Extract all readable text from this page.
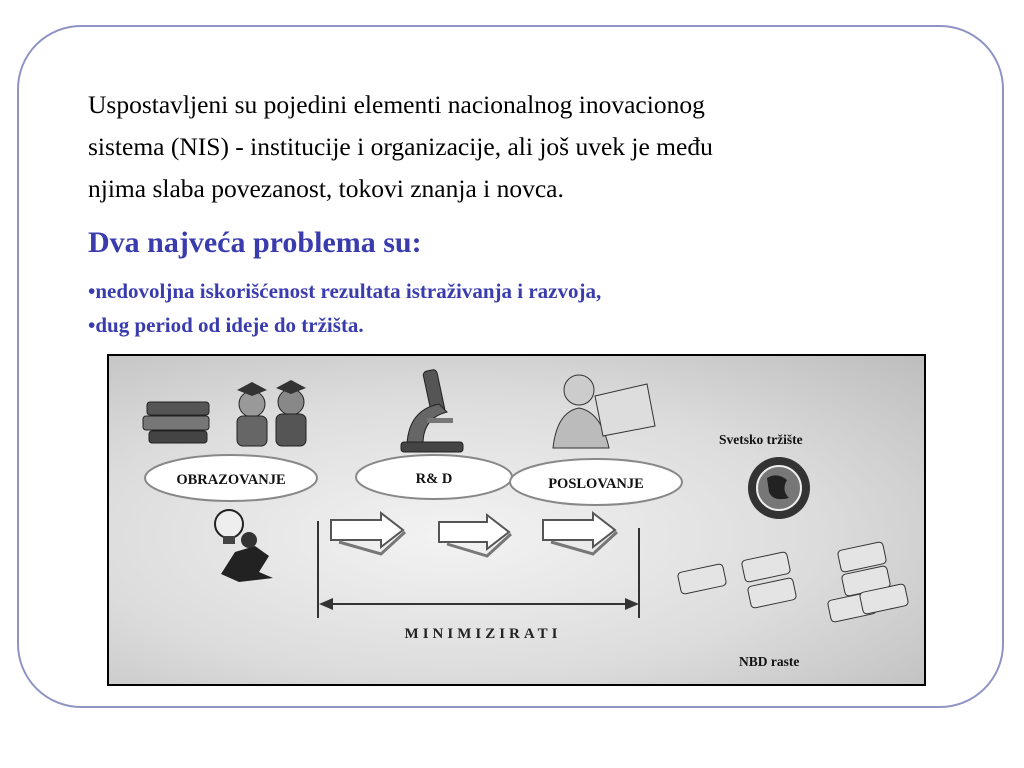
Uspostavljeni su pojedini elementi nacionalnog inovacionog
sistema (NIS) - institucije i organizacije, ali još uvek je među
njima slaba povezanost, tokovi znanja i novca.

Dva najveća problema su:
•nedovoljna iskorišćenost rezultata istraživanja i razvoja,
•dug period od ideje do tržišta.
Svetsko tržište
OBRAZOVANJE	R& D	POSLOVANJE
MINIMIZIRATI
NBD raste
